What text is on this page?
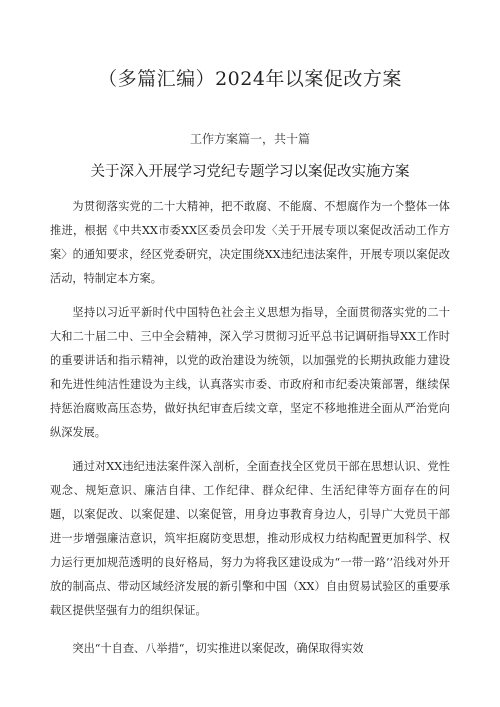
（多篇汇编）2024年以案促改方案
工作方案篇一，共十篇
关于深入开展学习党纪专题学习以案促改实施方案

为贯彻落实党的二十大精神，把不敢腐、不能腐、不想腐作为一个整体一体推进，根据《中共XX市委XX区委员会印发〈关于开展专项以案促改活动工作方案〉的通知要求，经区党委研究，决定围绕XX违纪违法案件，开展专项以案促改活动，特制定本方案。

坚持以习近平新时代中国特色社会主义思想为指导，全面贯彻落实党的二十大和二十届二中、三中全会精神，深入学习贯彻习近平总书记调研指导XX工作时的重要讲话和指示精神，以党的政治建设为统领，以加强党的长期执政能力建设和先进性纯洁性建设为主线，认真落实市委、市政府和市纪委决策部署，继续保持惩治腐败高压态势，做好执纪审查后续文章，坚定不移地推进全面从严治党向纵深发展。

通过对XX违纪违法案件深入剖析，全面查找全区党员干部在思想认识、党性观念、规矩意识、廉洁自律、工作纪律、群众纪律、生活纪律等方面存在的问题，以案促改、以案促建、以案促管，用身边事教育身边人，引导广大党员干部进一步增强廉洁意识，筑牢拒腐防变思想，推动形成权力结构配置更加科学、权力运行更加规范透明的良好格局，努力为将我区建设成为“一带一路’’沿线对外开放的制高点、带动区域经济发展的新引擎和中国（XX）自由贸易试验区的重要承载区提供坚强有力的组织保证。

突出“十自查、八举措“，切实推进以案促改，确保取得实效
